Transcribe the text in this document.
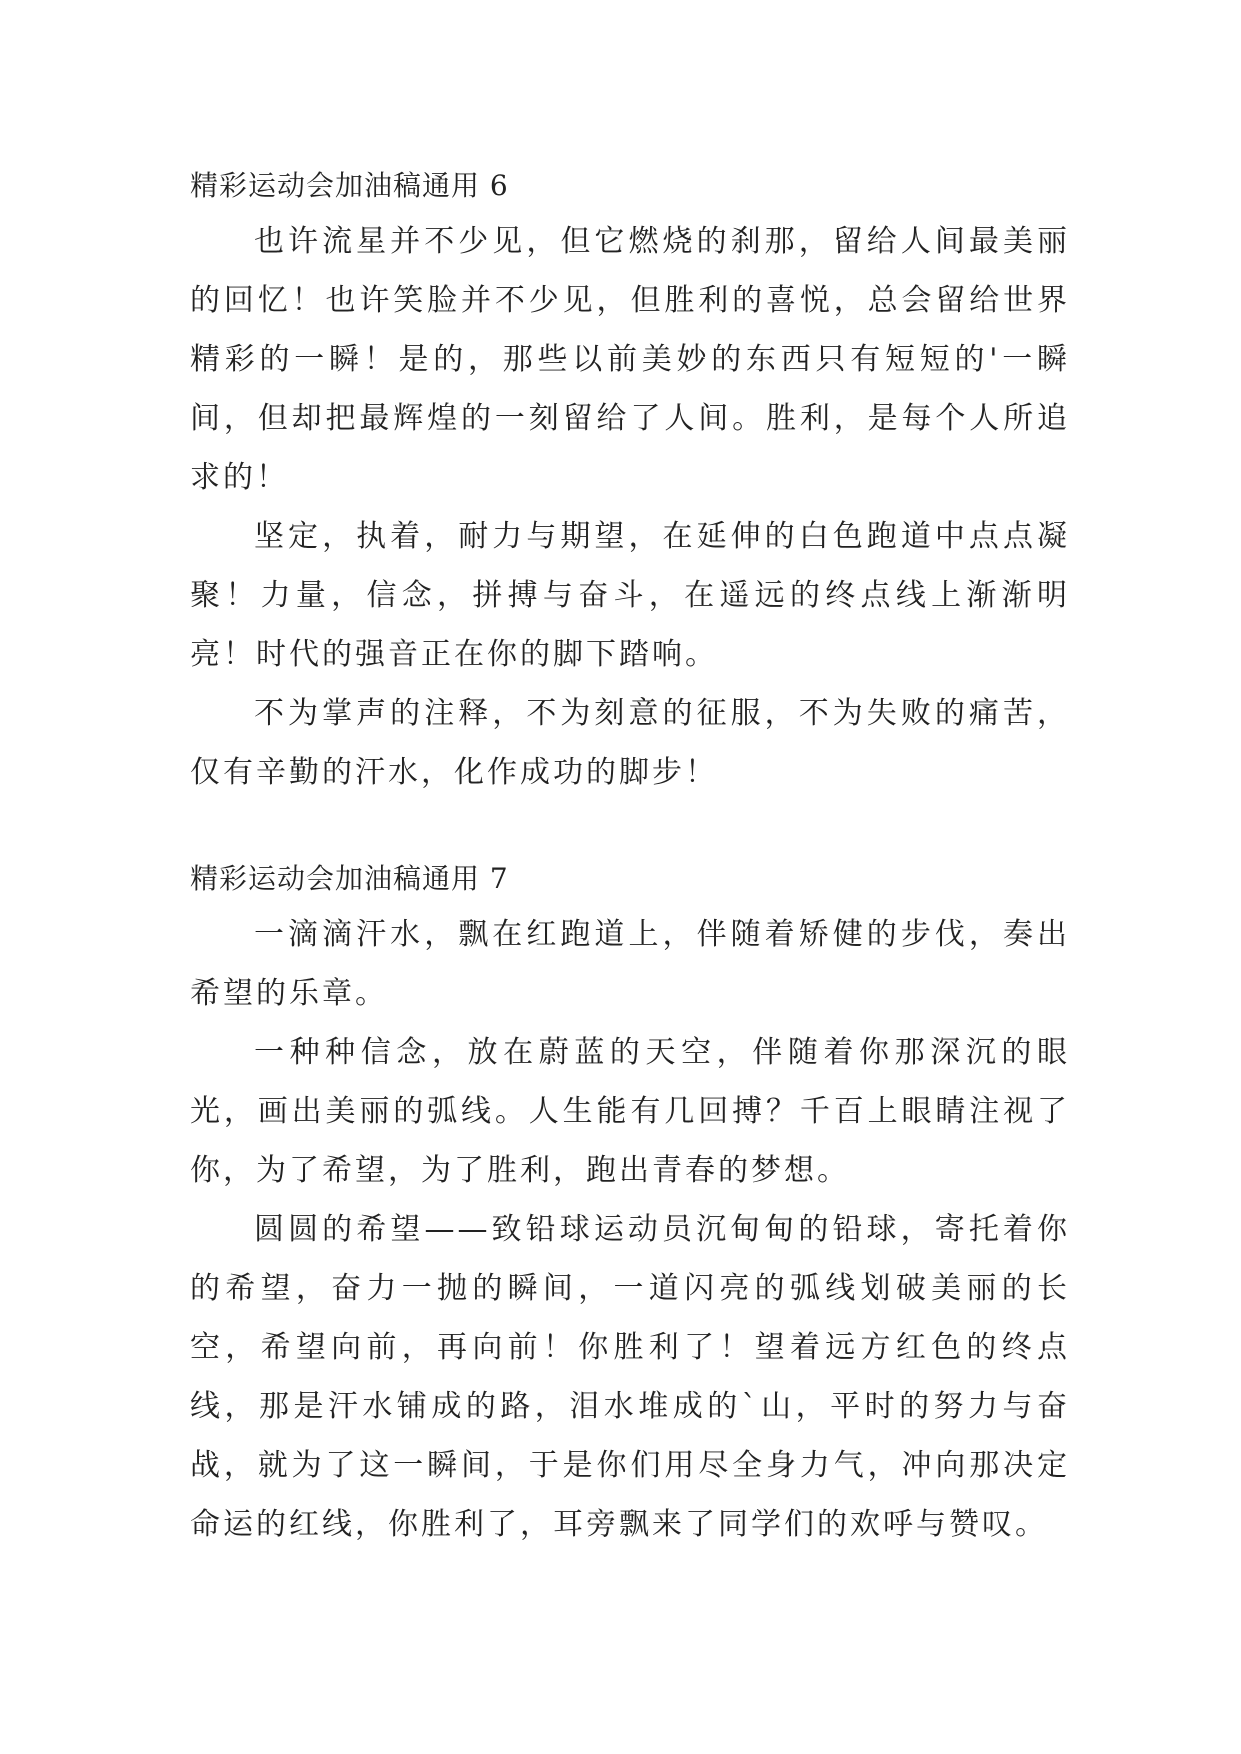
精彩运动会加油稿通用 6

也许流星并不少见，但它燃烧的刹那，留给人间最美丽的回忆！也许笑脸并不少见，但胜利的喜悦，总会留给世界精彩的一瞬！是的，那些以前美妙的东西只有短短的'一瞬间，但却把最辉煌的一刻留给了人间。胜利，是每个人所追求的！

坚定，执着，耐力与期望，在延伸的白色跑道中点点凝聚！力量，信念，拼搏与奋斗，在遥远的终点线上渐渐明亮！时代的强音正在你的脚下踏响。

不为掌声的注释，不为刻意的征服，不为失败的痛苦，仅有辛勤的汗水，化作成功的脚步！

精彩运动会加油稿通用 7

一滴滴汗水，飘在红跑道上，伴随着矫健的步伐，奏出希望的乐章。

一种种信念，放在蔚蓝的天空，伴随着你那深沉的眼光，画出美丽的弧线。人生能有几回搏？千百上眼睛注视了你，为了希望，为了胜利，跑出青春的梦想。

圆圆的希望——致铅球运动员沉甸甸的铅球，寄托着你的希望，奋力一抛的瞬间，一道闪亮的弧线划破美丽的长空，希望向前，再向前！你胜利了！望着远方红色的终点线，那是汗水铺成的路，泪水堆成的`山，平时的努力与奋战，就为了这一瞬间，于是你们用尽全身力气，冲向那决定命运的红线，你胜利了，耳旁飘来了同学们的欢呼与赞叹。
